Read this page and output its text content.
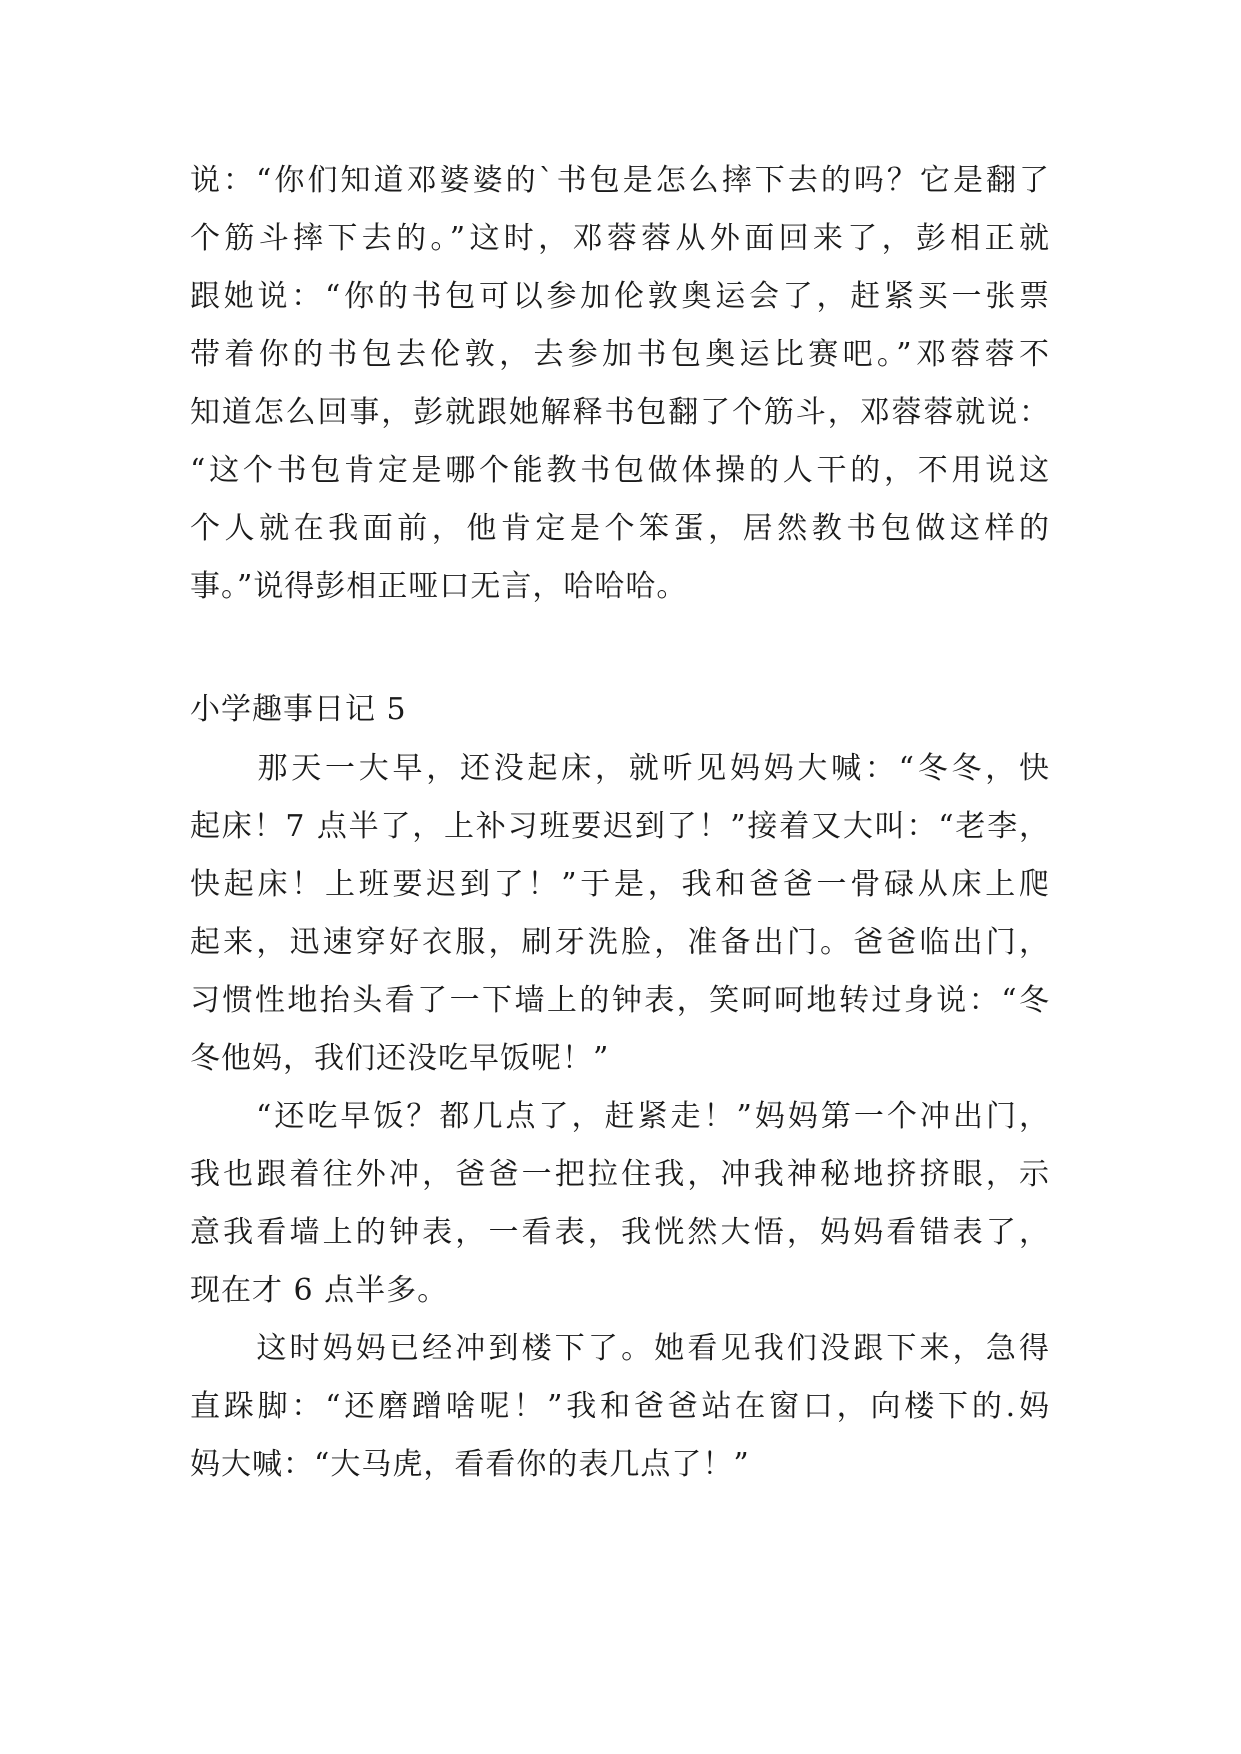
说：“你们知道邓婆婆的`书包是怎么摔下去的吗？它是翻了
个筋斗摔下去的。”这时，邓蓉蓉从外面回来了，彭相正就
跟她说：“你的书包可以参加伦敦奥运会了，赶紧买一张票
带着你的书包去伦敦，去参加书包奥运比赛吧。”邓蓉蓉不
知道怎么回事，彭就跟她解释书包翻了个筋斗，邓蓉蓉就说：
“这个书包肯定是哪个能教书包做体操的人干的，不用说这
个人就在我面前，他肯定是个笨蛋，居然教书包做这样的
事。”说得彭相正哑口无言，哈哈哈。
小学趣事日记 5
　　那天一大早，还没起床，就听见妈妈大喊：“冬冬，快
起床！7 点半了，上补习班要迟到了！”接着又大叫：“老李，
快起床！上班要迟到了！”于是，我和爸爸一骨碌从床上爬
起来，迅速穿好衣服，刷牙洗脸，准备出门。爸爸临出门，
习惯性地抬头看了一下墙上的钟表，笑呵呵地转过身说：“冬
冬他妈，我们还没吃早饭呢！”
　　“还吃早饭？都几点了，赶紧走！”妈妈第一个冲出门，
我也跟着往外冲，爸爸一把拉住我，冲我神秘地挤挤眼，示
意我看墙上的钟表，一看表，我恍然大悟，妈妈看错表了，
现在才 6 点半多。
　　这时妈妈已经冲到楼下了。她看见我们没跟下来，急得
直跺脚：“还磨蹭啥呢！”我和爸爸站在窗口，向楼下的.妈
妈大喊：“大马虎，看看你的表几点了！”
